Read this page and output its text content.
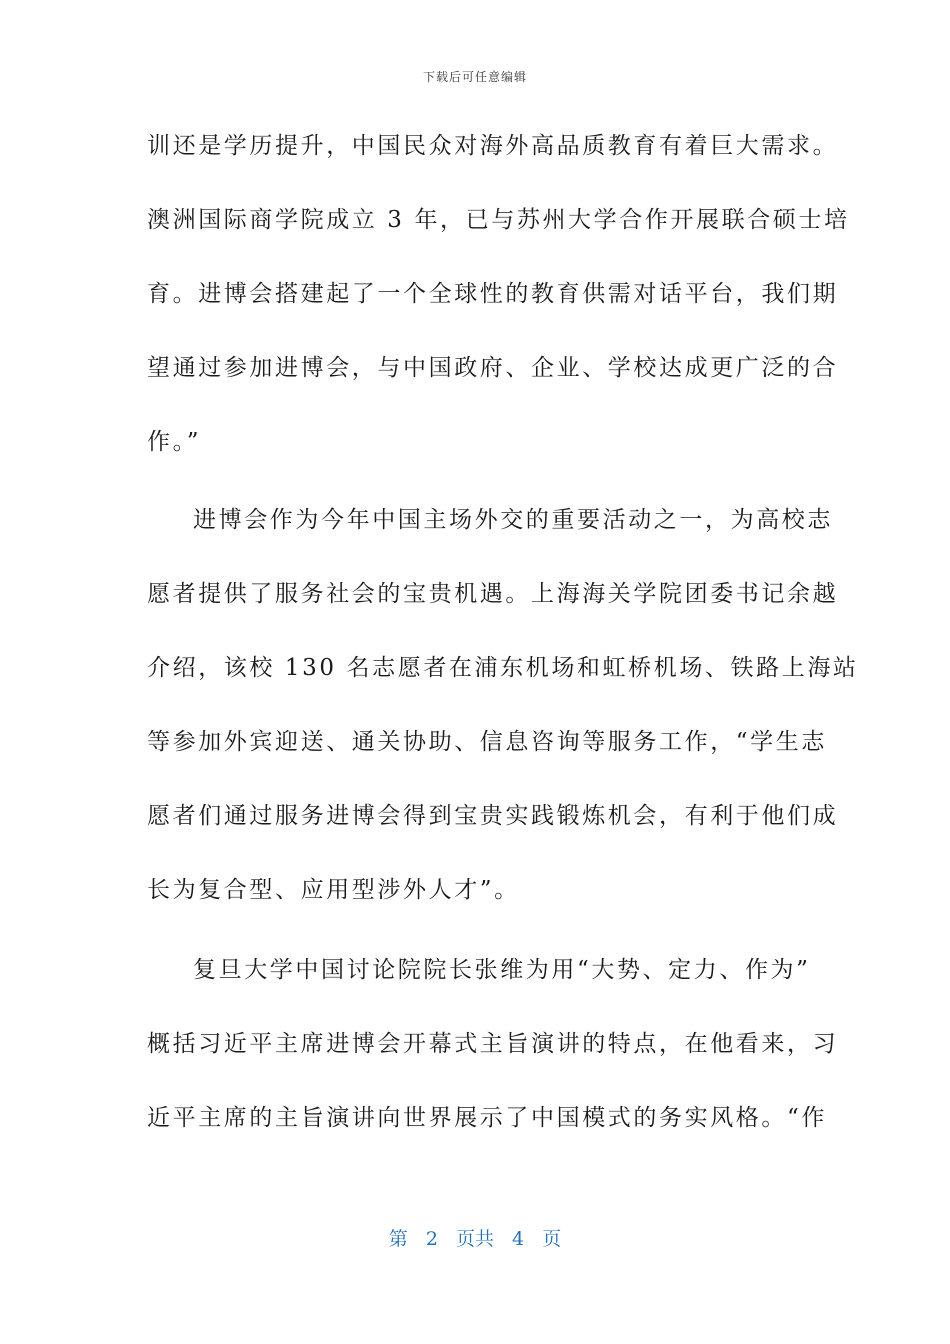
下载后可任意编辑
训还是学历提升，中国民众对海外高品质教育有着巨大需求。
澳洲国际商学院成立 3 年，已与苏州大学合作开展联合硕士培
育。进博会搭建起了一个全球性的教育供需对话平台，我们期
望通过参加进博会，与中国政府、企业、学校达成更广泛的合
作。”
进博会作为今年中国主场外交的重要活动之一，为高校志
愿者提供了服务社会的宝贵机遇。上海海关学院团委书记余越
介绍，该校 130 名志愿者在浦东机场和虹桥机场、铁路上海站
等参加外宾迎送、通关协助、信息咨询等服务工作，“学生志
愿者们通过服务进博会得到宝贵实践锻炼机会，有利于他们成
长为复合型、应用型涉外人才”。
复旦大学中国讨论院院长张维为用“大势、定力、作为”
概括习近平主席进博会开幕式主旨演讲的特点，在他看来，习
近平主席的主旨演讲向世界展示了中国模式的务实风格。“作
第 2 页共 4 页
